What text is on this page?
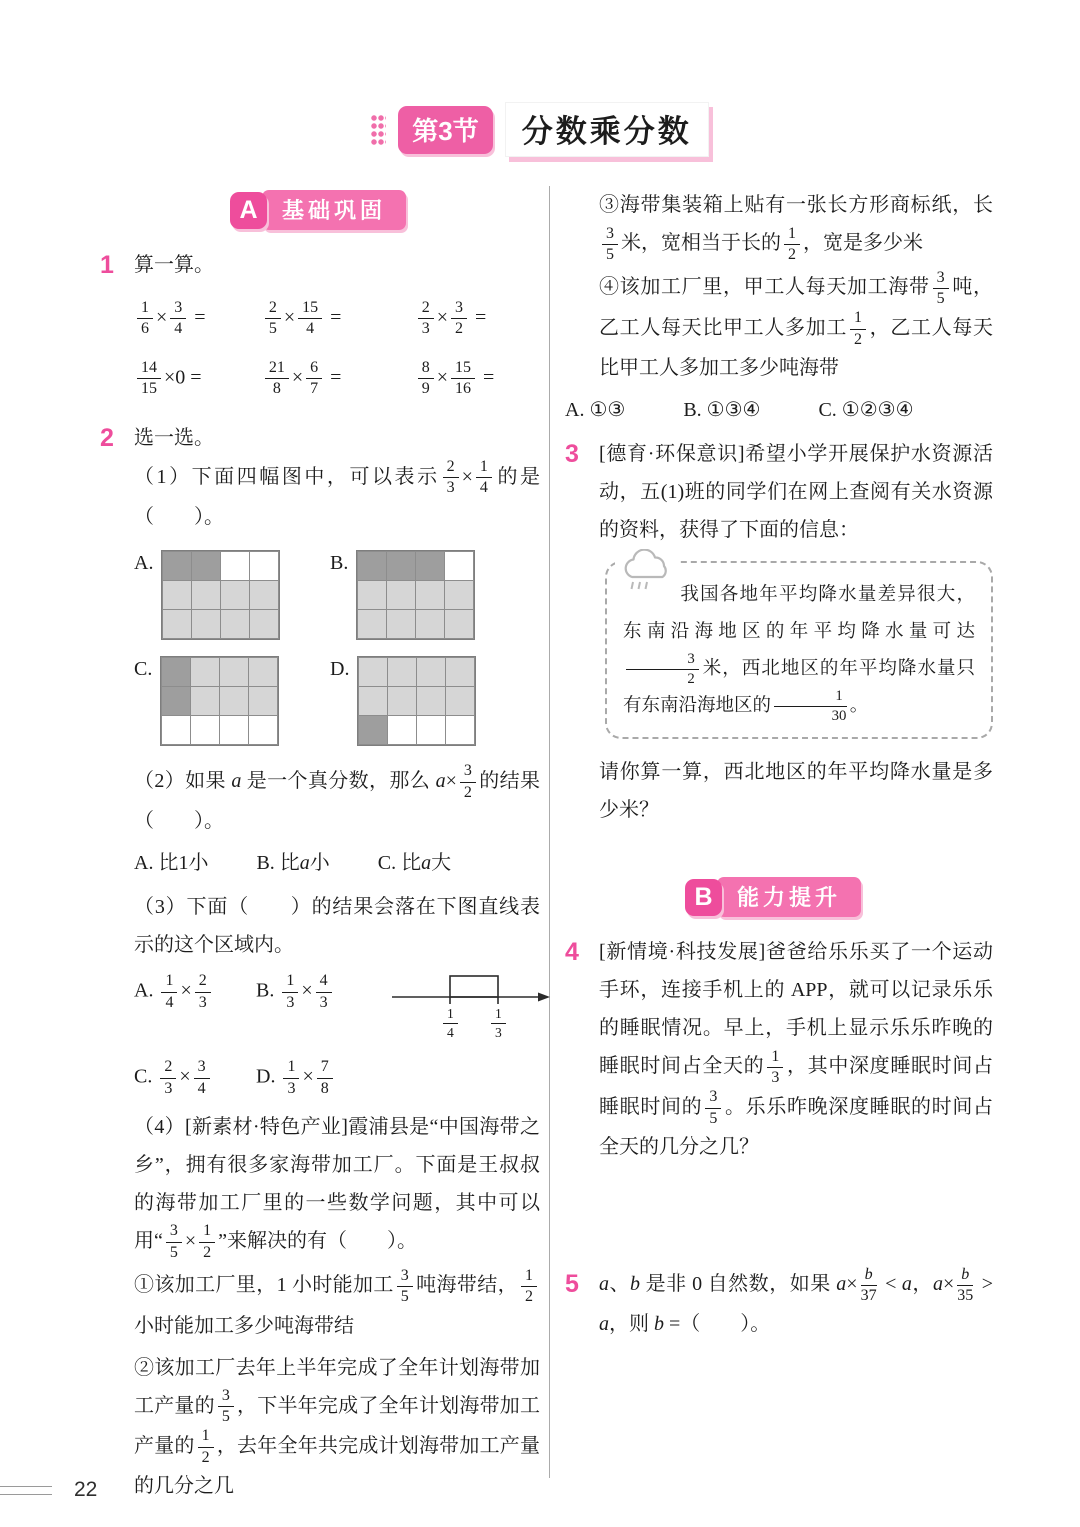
第3节	分数乘分数
A	基础巩固
1	算一算。
$\frac{1}{6} \times \frac{3}{4}$ =	$\frac{2}{5} \times \frac{15}{4}$ =	$\frac{2}{3} \times \frac{3}{2}$ =
$\frac{14}{15} \times 0$ =	$\frac{21}{8} \times \frac{6}{7}$ =	$\frac{8}{9} \times \frac{15}{16}$ =
2	选一选。

（1）下面四幅图中，可以表示 $\frac{2}{3} \times \frac{1}{4}$ 的是（　　）。

A.	B.
C.	D.

（2）如果 a 是一个真分数，那么 $a\times \frac{3}{2}$ 的结果（　　）。

A. 比1小 B. 比a小 C. 比a大

（3）下面（　　）的结果会落在下图直线表示的这个区域内。

A. $\frac{1}{4} \times \frac{2}{3} B$. $\frac{1}{3} \times \frac{4}{3}$
$\frac{1}{4} \frac{1}{3}$
C. $\frac{2}{3} \times \frac{3}{4} D$. $\frac{1}{3} \times \frac{7}{8}$

（4）[新素材·特色产业]霞浦县是“中国海带之乡”，拥有很多家海带加工厂。下面是王叔叔的海带加工厂里的一些数学问题，其中可以用“ $\frac{3}{5} \times \frac{1}{2}$ ”来解决的有（　　）。

①该加工厂里，1 小时能加工 $\frac{3}{5}$ 吨海带结， $\frac{1}{2}$
小时能加工多少吨海带结

②该加工厂去年上半年完成了全年计划海带加工产量的 $\frac{3}{5}$ ，下半年完成了全年计划海带加工产量的 $\frac{1}{2}$ ，去年全年共完成计划海带加工产量的几分之几

③海带集装箱上贴有一张长方形商标纸，长
$\frac{3}{5}$ 米，宽相当于长的 $\frac{1}{2}$ ，宽是多少米

④该加工厂里，甲工人每天加工海带 $\frac{3}{5}$ 吨，乙工人每天比甲工人多加工 $\frac{1}{2}$ ，乙工人每天比甲工人多加工多少吨海带

A. ①③	B. ①③④	C. ①②③④
3	[德育·环保意识]希望小学开展保护水资源活动，五(1)班的同学们在网上查阅有关水资源的资料，获得了下面的信息：

我国各地年平均降水量差异很大，东南沿海地区的年平均降水量可达
$\frac{3}{2}$ 米，西北地区的年平均降水量只有东南沿海地区的 $\frac{1}{30}$ 。

请你算一算，西北地区的年平均降水量是多少米？

B	能力提升
4	[新情境·科技发展]爸爸给乐乐买了一个运动手环，连接手机上的 APP，就可以记录乐乐的睡眠情况。早上，手机上显示乐乐昨晚的睡眠时间占全天的 $\frac{1}{3}$ ，其中深度睡眠时间占睡眠时间的 $\frac{3}{5}$ 。乐乐昨晚深度睡眠的时间占全天的几分之几？

5	a、b 是非 0 自然数，如果 $a\times \frac{b}{37} < a$，$a\times \frac{b}{35} > a$，则 b =（　　）。

22
